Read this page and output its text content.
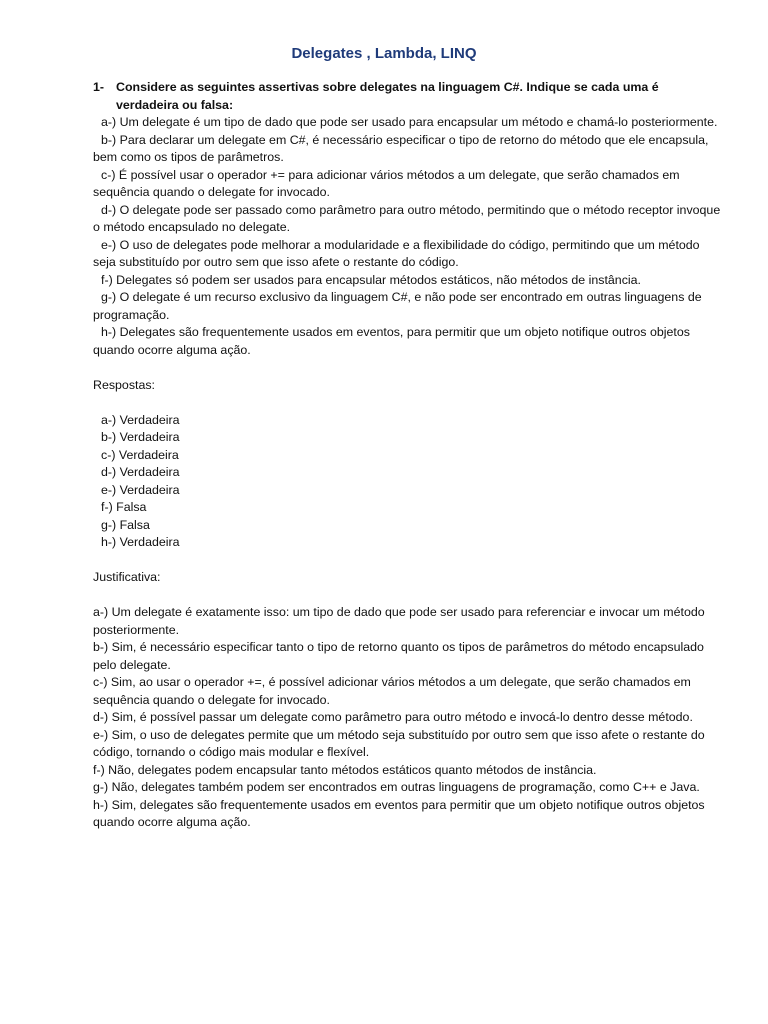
Delegates , Lambda, LINQ
1- Considere as seguintes assertivas sobre delegates na linguagem C#. Indique se cada uma é verdadeira ou falsa:
a-) Um delegate é um tipo de dado que pode ser usado para encapsular um método e chamá-lo posteriormente.
b-) Para declarar um delegate em C#, é necessário especificar o tipo de retorno do método que ele encapsula, bem como os tipos de parâmetros.
c-) É possível usar o operador += para adicionar vários métodos a um delegate, que serão chamados em sequência quando o delegate for invocado.
d-) O delegate pode ser passado como parâmetro para outro método, permitindo que o método receptor invoque o método encapsulado no delegate.
e-) O uso de delegates pode melhorar a modularidade e a flexibilidade do código, permitindo que um método seja substituído por outro sem que isso afete o restante do código.
f-) Delegates só podem ser usados para encapsular métodos estáticos, não métodos de instância.
g-) O delegate é um recurso exclusivo da linguagem C#, e não pode ser encontrado em outras linguagens de programação.
h-) Delegates são frequentemente usados em eventos, para permitir que um objeto notifique outros objetos quando ocorre alguma ação.
Respostas:
a-) Verdadeira
b-) Verdadeira
c-) Verdadeira
d-) Verdadeira
e-) Verdadeira
f-) Falsa
g-) Falsa
h-) Verdadeira
Justificativa:
a-) Um delegate é exatamente isso: um tipo de dado que pode ser usado para referenciar e invocar um método posteriormente.
b-) Sim, é necessário especificar tanto o tipo de retorno quanto os tipos de parâmetros do método encapsulado pelo delegate.
c-) Sim, ao usar o operador +=, é possível adicionar vários métodos a um delegate, que serão chamados em sequência quando o delegate for invocado.
d-) Sim, é possível passar um delegate como parâmetro para outro método e invocá-lo dentro desse método.
e-) Sim, o uso de delegates permite que um método seja substituído por outro sem que isso afete o restante do código, tornando o código mais modular e flexível.
f-) Não, delegates podem encapsular tanto métodos estáticos quanto métodos de instância.
g-) Não, delegates também podem ser encontrados em outras linguagens de programação, como C++ e Java.
h-) Sim, delegates são frequentemente usados em eventos para permitir que um objeto notifique outros objetos quando ocorre alguma ação.
